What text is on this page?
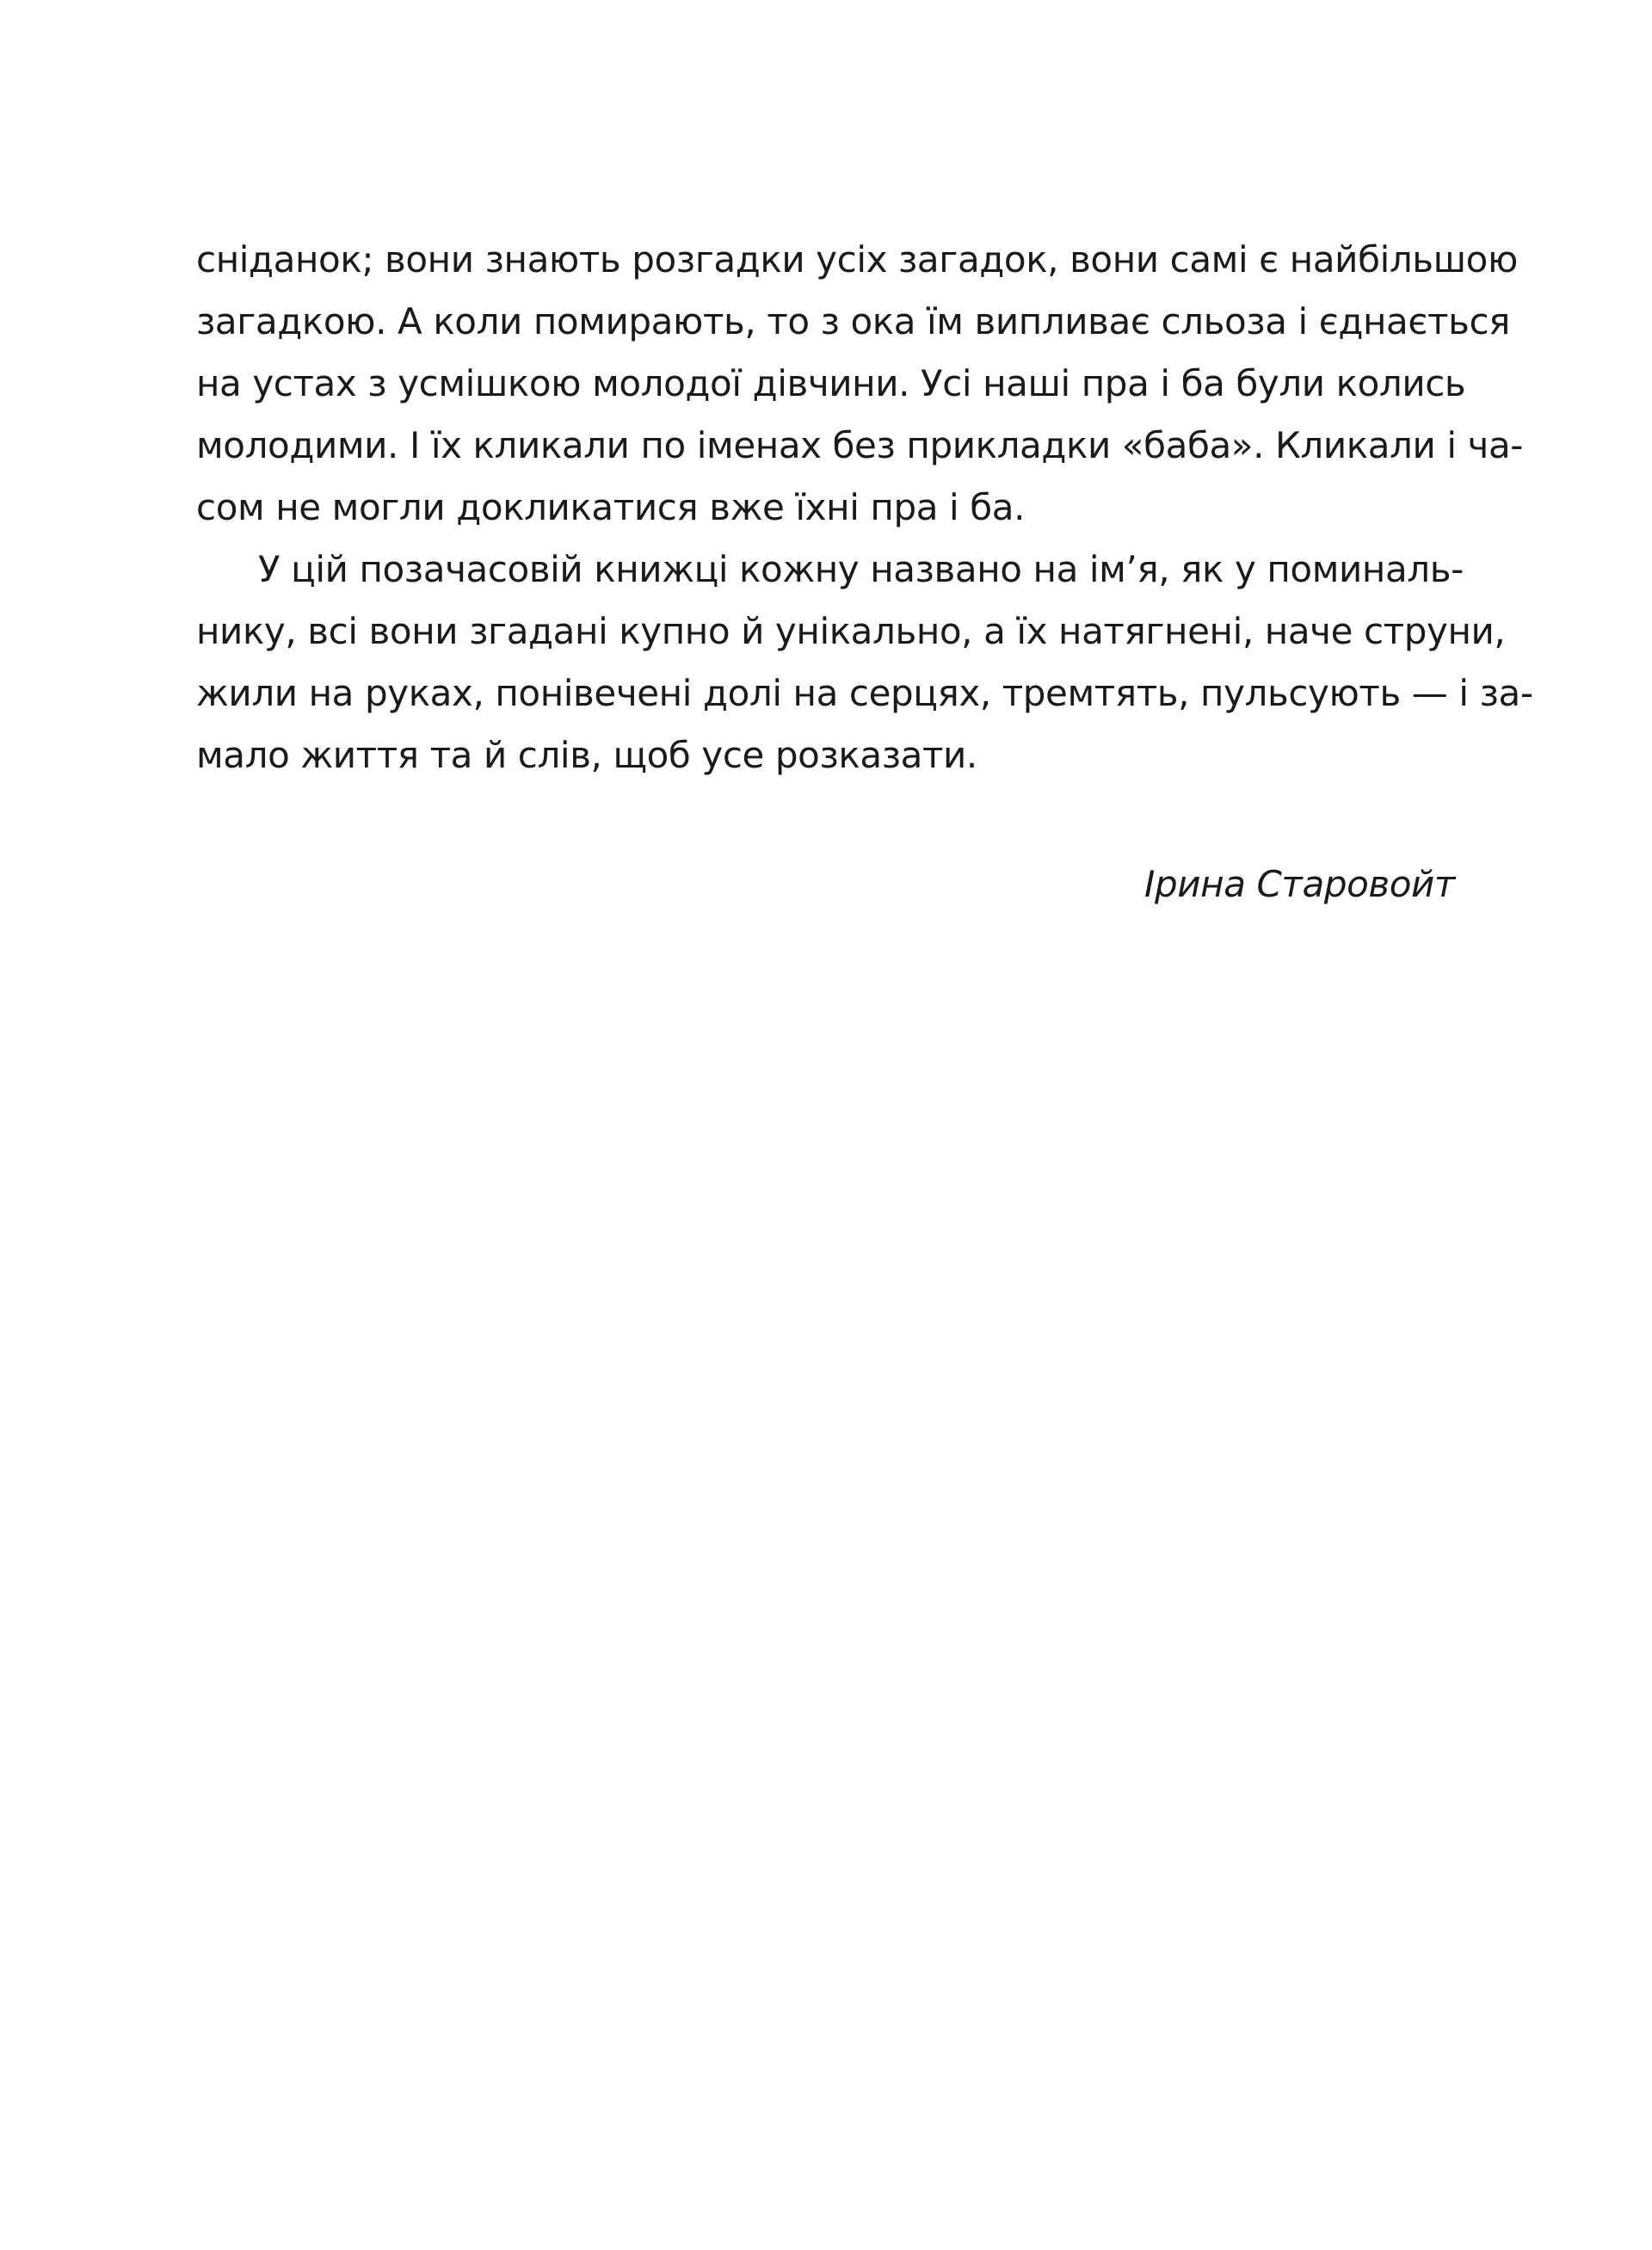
сніданок; вони знають розгадки усіх загадок, вони самі є найбільшою
загадкою. А коли помирають, то з ока їм випливає сльоза і єднається
на устах з усмішкою молодої дівчини. Усі наші пра і ба були колись
молодими. І їх кликали по іменах без прикладки «баба». Кликали і ча-
сом не могли докликатися вже їхні пра і ба.
У цій позачасовій книжці кожну названо на ім’я, як у поминаль-
нику, всі вони згадані купно й унікально, а їх натягнені, наче струни,
жили на руках, понівечені долі на серцях, тремтять, пульсують — і за-
мало життя та й слів, щоб усе розказати.
Ірина Старовойт
